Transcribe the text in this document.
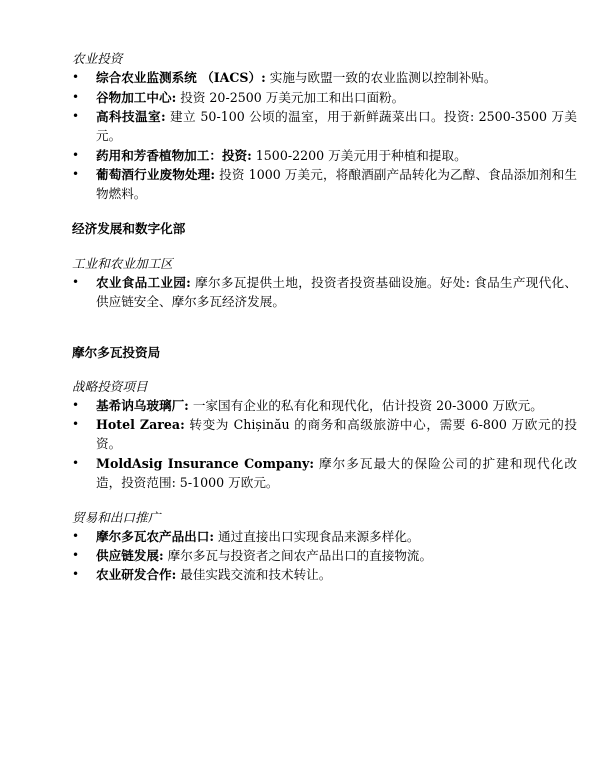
农业投资
• 综合农业监测系统 （IACS）: 实施与欧盟一致的农业监测以控制补贴。
• 谷物加工中心: 投资 20-2500 万美元加工和出口面粉。
• 高科技温室: 建立 50-100 公顷的温室，用于新鲜蔬菜出口。投资: 2500-3500 万美元。
• 药用和芳香植物加工：投资: 1500-2200 万美元用于种植和提取。
• 葡萄酒行业废物处理: 投资 1000 万美元，将酿酒副产品转化为乙醇、食品添加剂和生物燃料。
经济发展和数字化部
工业和农业加工区
• 农业食品工业园: 摩尔多瓦提供土地，投资者投资基础设施。好处: 食品生产现代化、供应链安全、摩尔多瓦经济发展。
摩尔多瓦投资局
战略投资项目
• 基希讷乌玻璃厂: 一家国有企业的私有化和现代化，估计投资 20-3000 万欧元。
• Hotel Zarea: 转变为 Chișinău 的商务和高级旅游中心，需要 6-800 万欧元的投资。
• MoldAsig Insurance Company: 摩尔多瓦最大的保险公司的扩建和现代化改造，投资范围: 5-1000 万欧元。
贸易和出口推广
• 摩尔多瓦农产品出口: 通过直接出口实现食品来源多样化。
• 供应链发展: 摩尔多瓦与投资者之间农产品出口的直接物流。
• 农业研发合作: 最佳实践交流和技术转让。
